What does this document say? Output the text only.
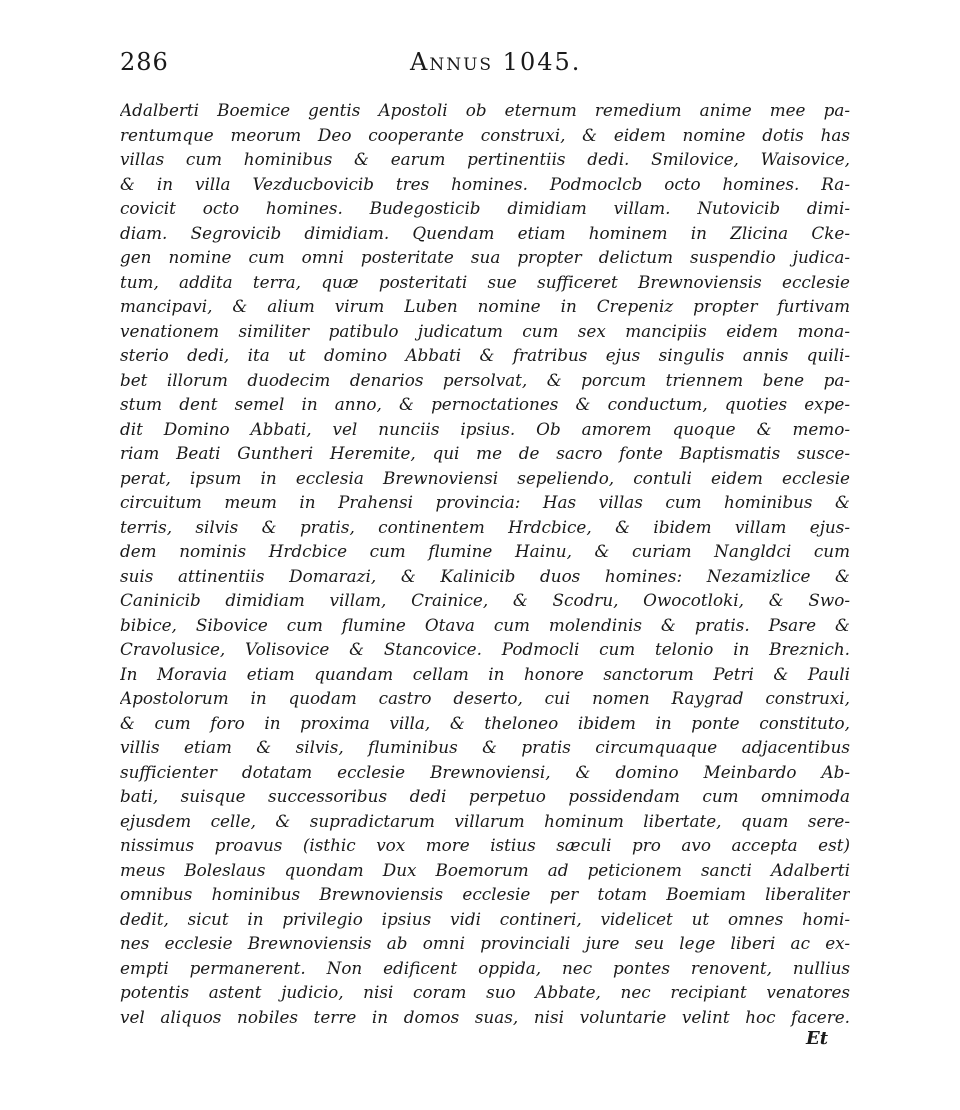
286	Annus 1045.
Adalberti Boemice gentis Apostoli ob eternum remedium anime mee pa-
rentumque meorum Deo cooperante construxi, & eidem nomine dotis has
villas cum hominibus & earum pertinentiis dedi. Smilovice, Waisovice,
& in villa Vezducbovicib tres homines. Podmoclcb octo homines. Ra-
covicit octo homines. Budegosticib dimidiam villam. Nutovicib dimi-
diam. Segrovicib dimidiam. Quendam etiam hominem in Zlicina Cke-
gen nomine cum omni posteritate sua propter delictum suspendio judica-
tum, addita terra, quæ posteritati sue sufficeret Brewnoviensis ecclesie
mancipavi, & alium virum Luben nomine in Crepeniz propter furtivam
venationem similiter patibulo judicatum cum sex mancipiis eidem mona-
sterio dedi, ita ut domino Abbati & fratribus ejus singulis annis quili-
bet illorum duodecim denarios persolvat, & porcum triennem bene pa-
stum dent semel in anno, & pernoctationes & conductum, quoties expe-
dit Domino Abbati, vel nunciis ipsius. Ob amorem quoque & memo-
riam Beati Guntheri Heremite, qui me de sacro fonte Baptismatis susce-
perat, ipsum in ecclesia Brewnoviensi sepeliendo, contuli eidem ecclesie
circuitum meum in Prahensi provincia: Has villas cum hominibus &
terris, silvis & pratis, continentem Hrdcbice, & ibidem villam ejus-
dem nominis Hrdcbice cum flumine Hainu, & curiam Nangldci cum
suis attinentiis Domarazi, & Kalinicib duos homines: Nezamizlice &
Caninicib dimidiam villam, Crainice, & Scodru, Owocotloki, & Swo-
bibice, Sibovice cum flumine Otava cum molendinis & pratis. Psare &
Cravolusice, Volisovice & Stancovice. Podmocli cum telonio in Breznich.
In Moravia etiam quandam cellam in honore sanctorum Petri & Pauli
Apostolorum in quodam castro deserto, cui nomen Raygrad construxi,
& cum foro in proxima villa, & theloneo ibidem in ponte constituto,
villis etiam & silvis, fluminibus & pratis circumquaque adjacentibus
sufficienter dotatam ecclesie Brewnoviensi, & domino Meinbardo Ab-
bati, suisque successoribus dedi perpetuo possidendam cum omnimoda
ejusdem celle, & supradictarum villarum hominum libertate, quam sere-
nissimus proavus (isthic vox more istius sæculi pro avo accepta est)
meus Boleslaus quondam Dux Boemorum ad peticionem sancti Adalberti
omnibus hominibus Brewnoviensis ecclesie per totam Boemiam liberaliter
dedit, sicut in privilegio ipsius vidi contineri, videlicet ut omnes homi-
nes ecclesie Brewnoviensis ab omni provinciali jure seu lege liberi ac ex-
empti permanerent. Non edificent oppida, nec pontes renovent, nullius
potentis astent judicio, nisi coram suo Abbate, nec recipiant venatores
vel aliquos nobiles terre in domos suas, nisi voluntarie velint hoc facere.
Et
